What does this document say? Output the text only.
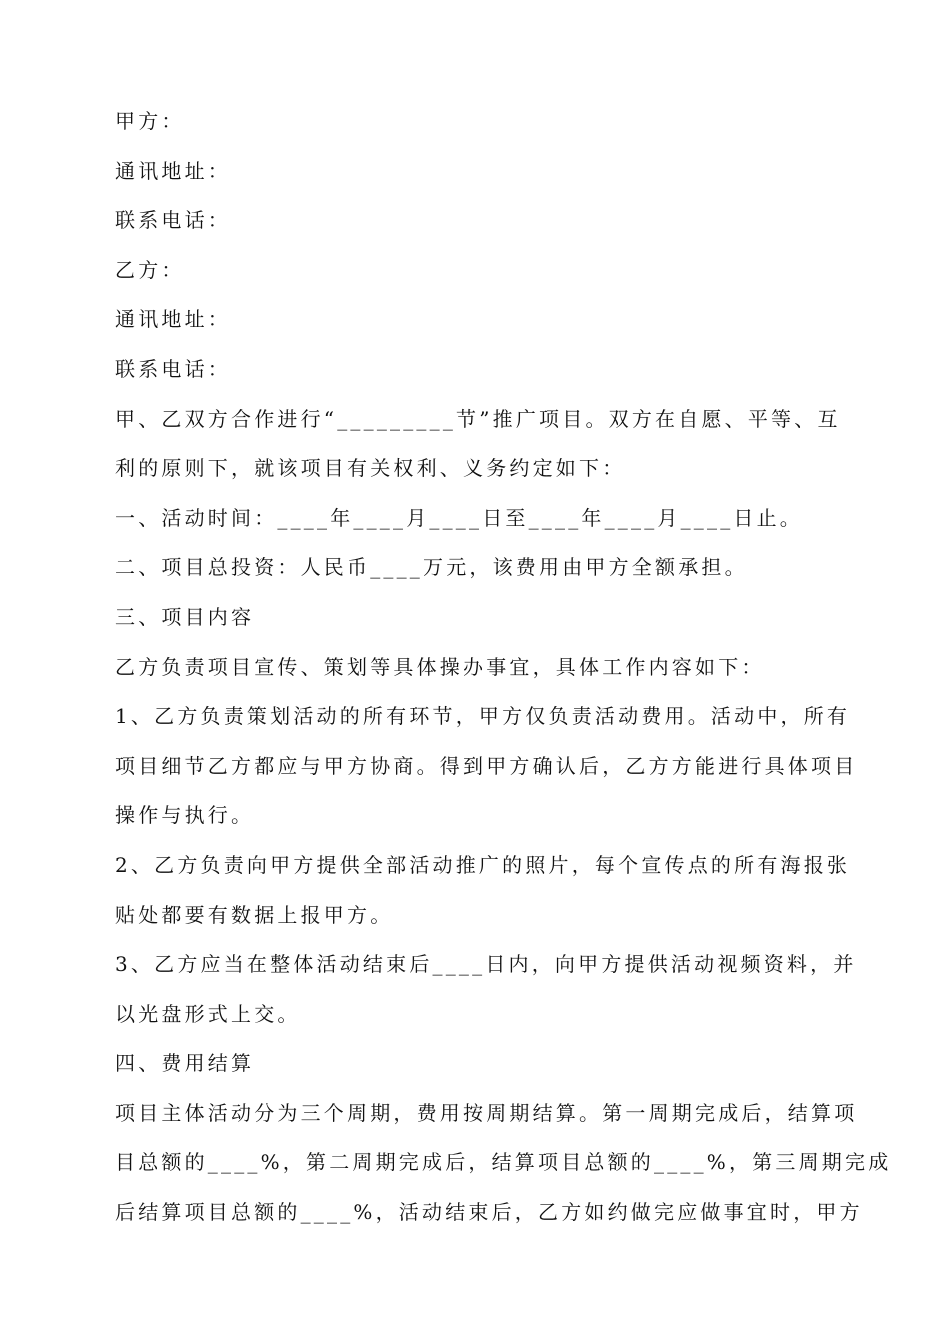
甲方：
通讯地址：
联系电话：
乙方：
通讯地址：
联系电话：
甲、乙双方合作进行“_________节”推广项目。双方在自愿、平等、互
利的原则下，就该项目有关权利、义务约定如下：
一、活动时间：____年____月____日至____年____月____日止。
二、项目总投资：人民币____万元，该费用由甲方全额承担。
三、项目内容
乙方负责项目宣传、策划等具体操办事宜，具体工作内容如下：
1、乙方负责策划活动的所有环节，甲方仅负责活动费用。活动中，所有
项目细节乙方都应与甲方协商。得到甲方确认后，乙方方能进行具体项目
操作与执行。
2、乙方负责向甲方提供全部活动推广的照片，每个宣传点的所有海报张
贴处都要有数据上报甲方。
3、乙方应当在整体活动结束后____日内，向甲方提供活动视频资料，并
以光盘形式上交。
四、费用结算
项目主体活动分为三个周期，费用按周期结算。第一周期完成后，结算项
目总额的____%，第二周期完成后，结算项目总额的____%，第三周期完成
后结算项目总额的____%，活动结束后，乙方如约做完应做事宜时，甲方
